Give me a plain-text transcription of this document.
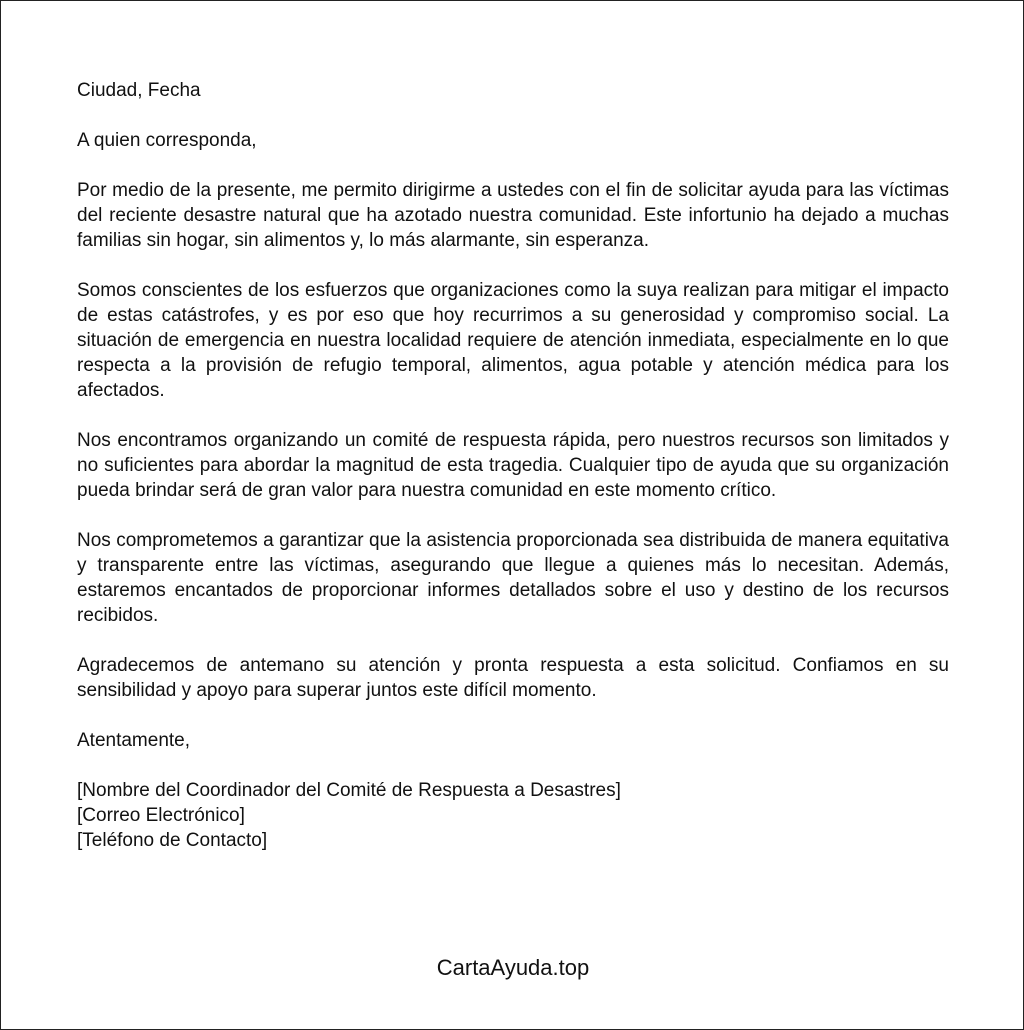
Ciudad, Fecha

A quien corresponda,

Por medio de la presente, me permito dirigirme a ustedes con el fin de solicitar ayuda para las víctimas del reciente desastre natural que ha azotado nuestra comunidad. Este infortunio ha dejado a muchas familias sin hogar, sin alimentos y, lo más alarmante, sin esperanza.

Somos conscientes de los esfuerzos que organizaciones como la suya realizan para mitigar el impacto de estas catástrofes, y es por eso que hoy recurrimos a su generosidad y compromiso social. La situación de emergencia en nuestra localidad requiere de atención inmediata, especialmente en lo que respecta a la provisión de refugio temporal, alimentos, agua potable y atención médica para los afectados.

Nos encontramos organizando un comité de respuesta rápida, pero nuestros recursos son limitados y no suficientes para abordar la magnitud de esta tragedia. Cualquier tipo de ayuda que su organización pueda brindar será de gran valor para nuestra comunidad en este momento crítico.

Nos comprometemos a garantizar que la asistencia proporcionada sea distribuida de manera equitativa y transparente entre las víctimas, asegurando que llegue a quienes más lo necesitan. Además, estaremos encantados de proporcionar informes detallados sobre el uso y destino de los recursos recibidos.

Agradecemos de antemano su atención y pronta respuesta a esta solicitud. Confiamos en su sensibilidad y apoyo para superar juntos este difícil momento.

Atentamente,

[Nombre del Coordinador del Comité de Respuesta a Desastres]
[Correo Electrónico]
[Teléfono de Contacto]
CartaAyuda.top
